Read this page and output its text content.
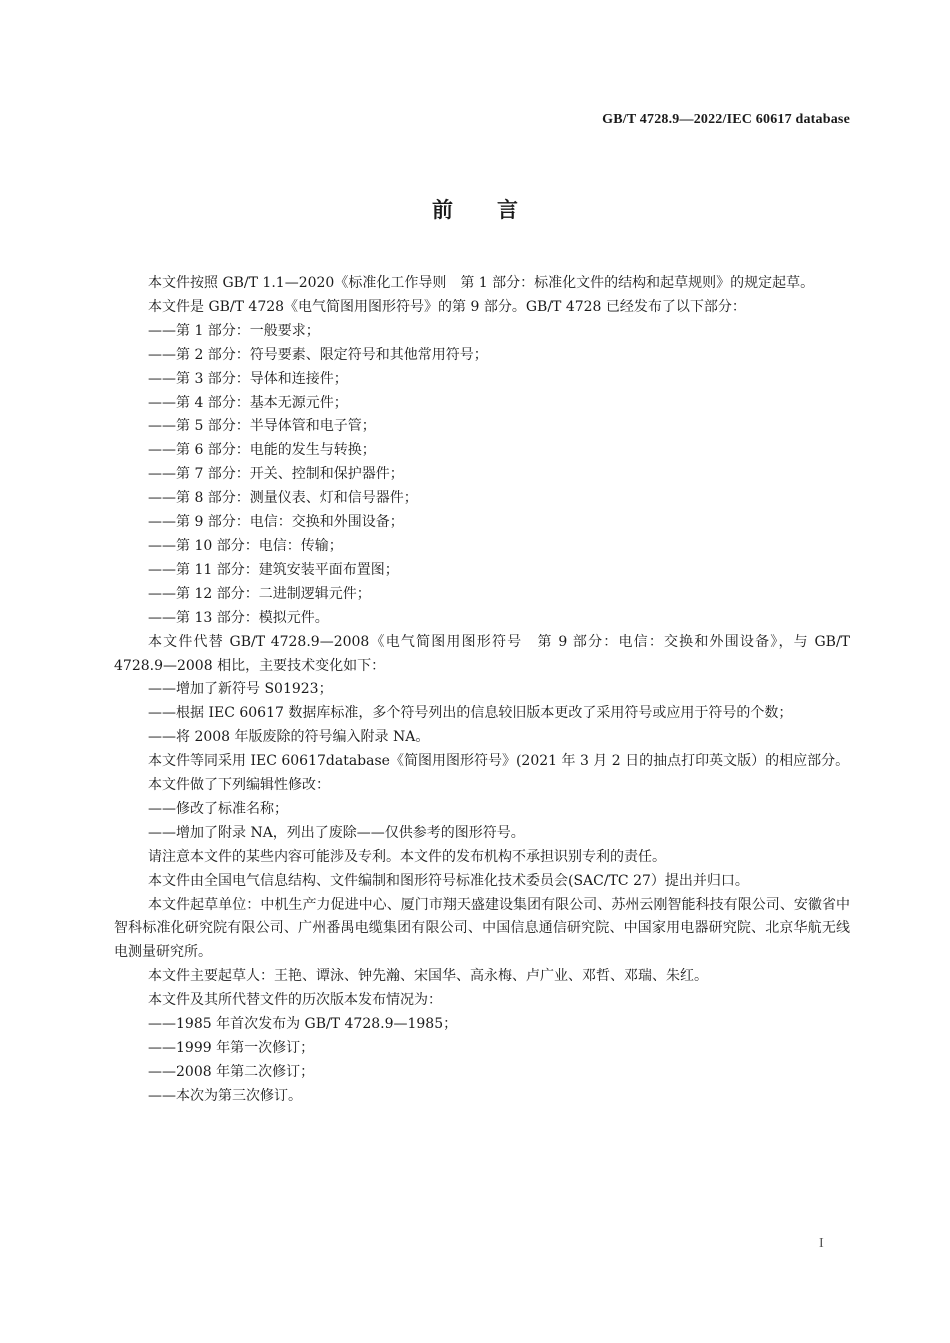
GB/T 4728.9—2022/IEC 60617 database
前 言

本文件按照 GB/T 1.1—2020《标准化工作导则　第 1 部分：标准化文件的结构和起草规则》的规定起草。

本文件是 GB/T 4728《电气简图用图形符号》的第 9 部分。GB/T 4728 已经发布了以下部分：

——第 1 部分：一般要求；

——第 2 部分：符号要素、限定符号和其他常用符号；

——第 3 部分：导体和连接件；

——第 4 部分：基本无源元件；

——第 5 部分：半导体管和电子管；

——第 6 部分：电能的发生与转换；

——第 7 部分：开关、控制和保护器件；

——第 8 部分：测量仪表、灯和信号器件；

——第 9 部分：电信：交换和外围设备；

——第 10 部分：电信：传输；

——第 11 部分：建筑安装平面布置图；

——第 12 部分：二进制逻辑元件；

——第 13 部分：模拟元件。

本文件代替 GB/T 4728.9—2008《电气简图用图形符号　第 9 部分：电信：交换和外围设备》，与 GB/T 4728.9—2008 相比，主要技术变化如下：

——增加了新符号 S01923；

——根据 IEC 60617 数据库标准，多个符号列出的信息较旧版本更改了采用符号或应用于符号的个数；

——将 2008 年版废除的符号编入附录 NA。

本文件等同采用 IEC 60617database《简图用图形符号》(2021 年 3 月 2 日的抽点打印英文版）的相应部分。

本文件做了下列编辑性修改：

——修改了标准名称；

——增加了附录 NA，列出了废除——仅供参考的图形符号。

请注意本文件的某些内容可能涉及专利。本文件的发布机构不承担识别专利的责任。

本文件由全国电气信息结构、文件编制和图形符号标准化技术委员会(SAC/TC 27）提出并归口。

本文件起草单位：中机生产力促进中心、厦门市翔天盛建设集团有限公司、苏州云刚智能科技有限公司、安徽省中智科标准化研究院有限公司、广州番禺电缆集团有限公司、中国信息通信研究院、中国家用电器研究院、北京华航无线电测量研究所。

本文件主要起草人：王艳、谭泳、钟先瀚、宋国华、高永梅、卢广业、邓哲、邓瑞、朱红。

本文件及其所代替文件的历次版本发布情况为：

——1985 年首次发布为 GB/T 4728.9—1985；

——1999 年第一次修订；

——2008 年第二次修订；

——本次为第三次修订。

I
